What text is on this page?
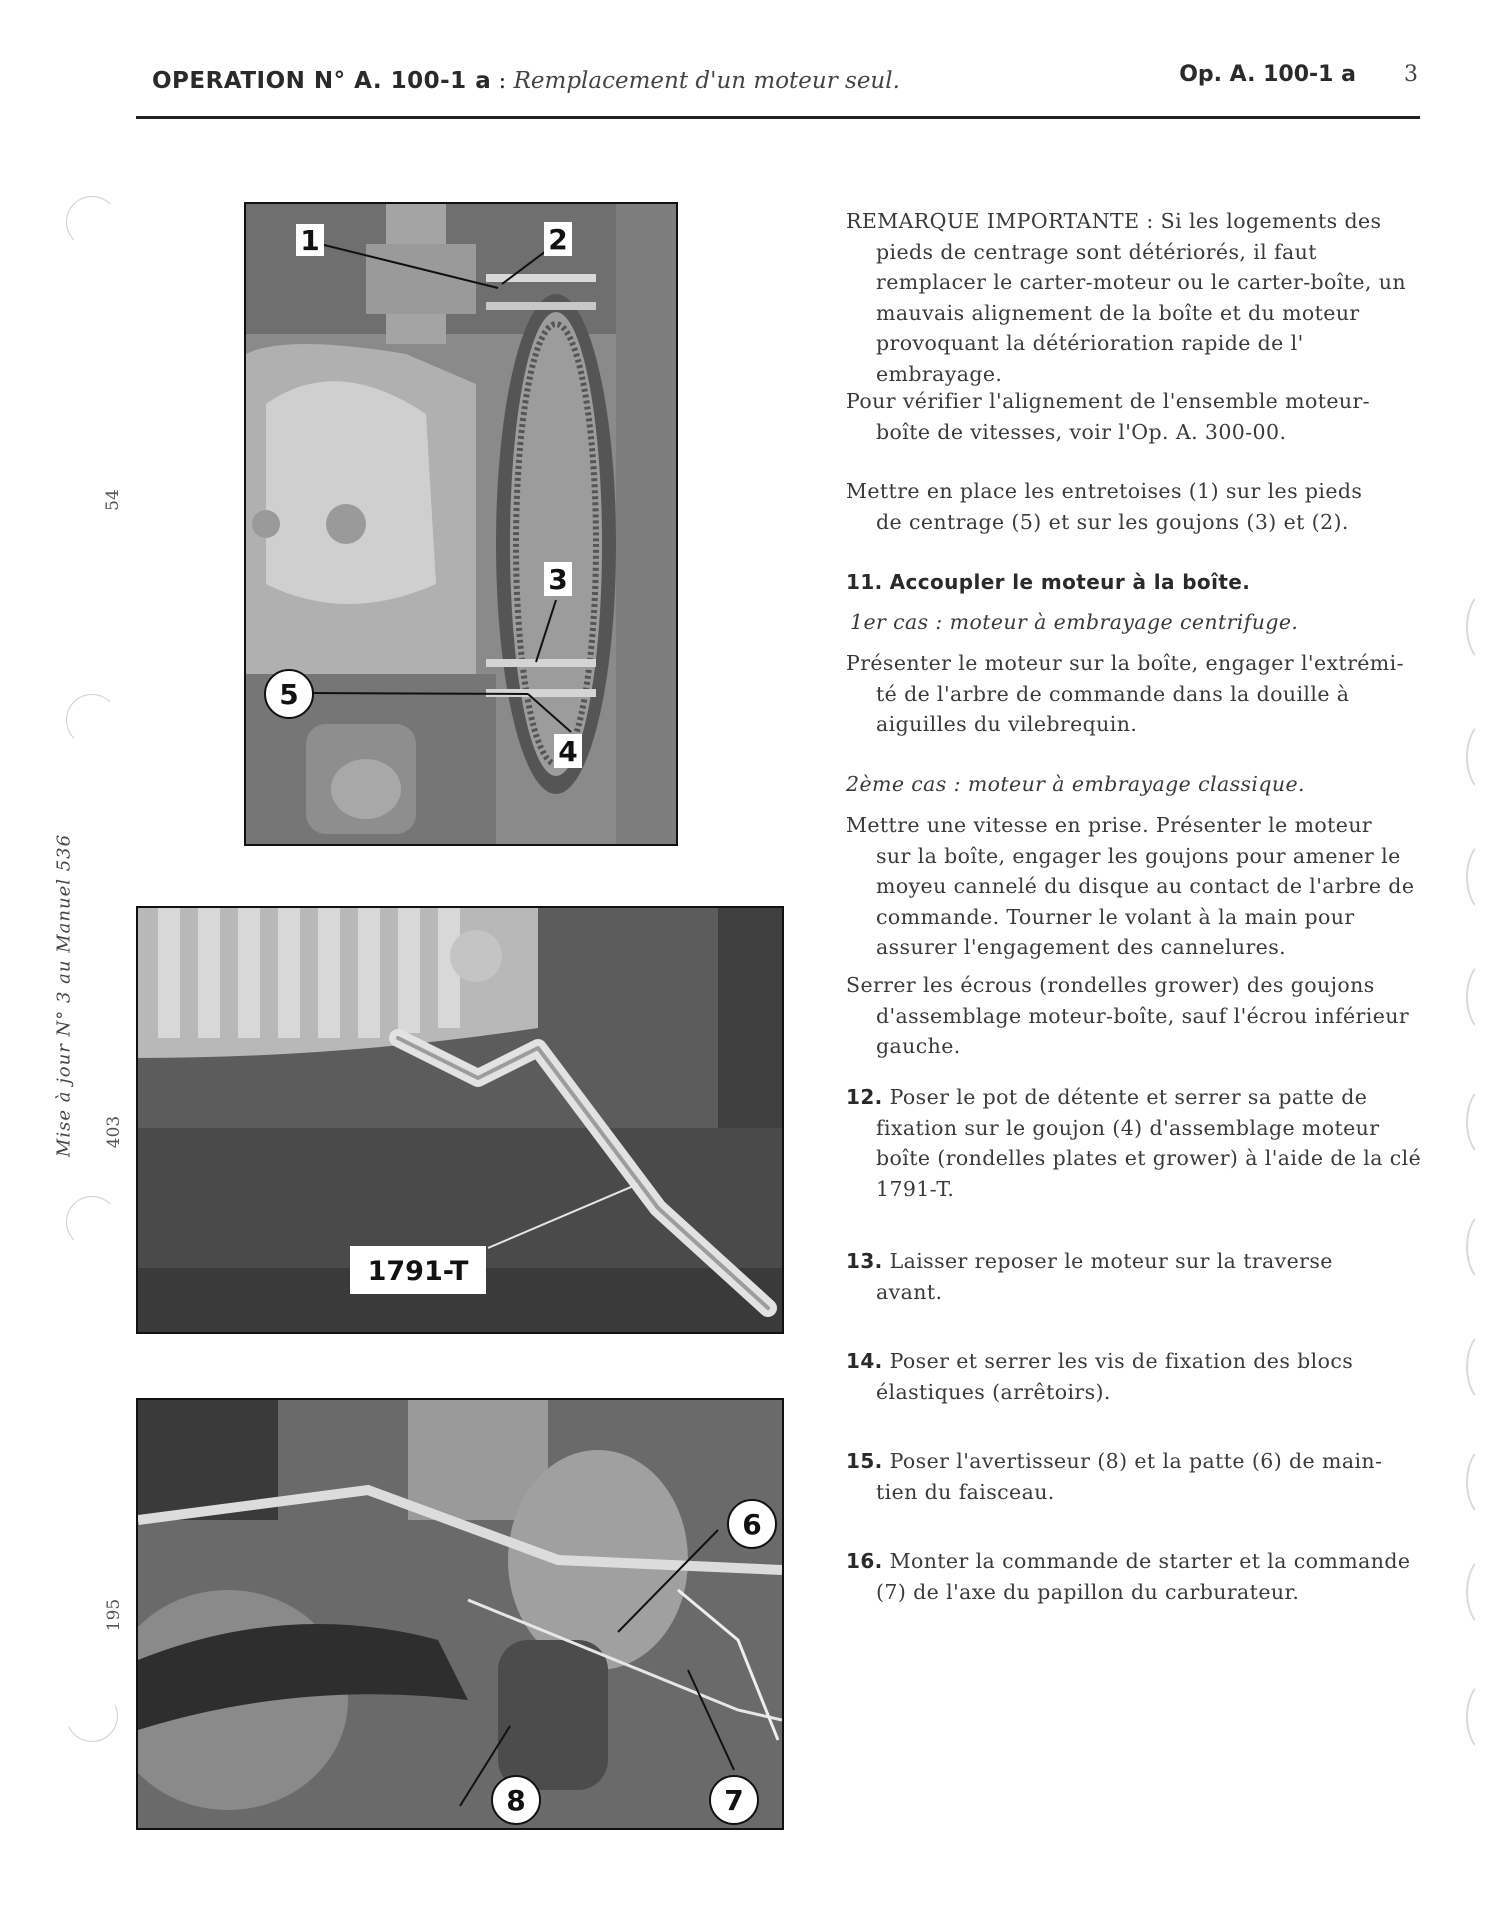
OPERATION N° A. 100-1 a : Remplacement d'un moteur seul.	Op. A. 100-1 a 3
54
403
195
Mise à jour N° 3 au Manuel 536
1	2
3
4
5
1791-T
6
7
8
REMARQUE IMPORTANTE : Si les logements des
pieds de centrage sont détériorés, il faut remplacer le carter-moteur ou le carter-boîte, un mauvais alignement de la boîte et du moteur provoquant la détérioration rapide de l' embrayage.
Pour vérifier l'alignement de l'ensemble moteur-
boîte de vitesses, voir l'Op. A. 300-00.
Mettre en place les entretoises (1) sur les pieds
de centrage (5) et sur les goujons (3) et (2).
11. Accoupler le moteur à la boîte.
1er cas : moteur à embrayage centrifuge.
Présenter le moteur sur la boîte, engager l'extrémi-
té de l'arbre de commande dans la douille à aiguilles du vilebrequin.
2ème cas : moteur à embrayage classique.
Mettre une vitesse en prise. Présenter le moteur
sur la boîte, engager les goujons pour amener le moyeu cannelé du disque au contact de l'arbre de commande. Tourner le volant à la main pour assurer l'engagement des cannelures.
Serrer les écrous (rondelles grower) des goujons
d'assemblage moteur-boîte, sauf l'écrou inférieur gauche.
12. Poser le pot de détente et serrer sa patte de
fixation sur le goujon (4) d'assemblage moteur boîte (rondelles plates et grower) à l'aide de la clé 1791-T.
13. Laisser reposer le moteur sur la traverse
avant.
14. Poser et serrer les vis de fixation des blocs
élastiques (arrêtoirs).
15. Poser l'avertisseur (8) et la patte (6) de main-
tien du faisceau.
16. Monter la commande de starter et la commande
(7) de l'axe du papillon du carburateur.
